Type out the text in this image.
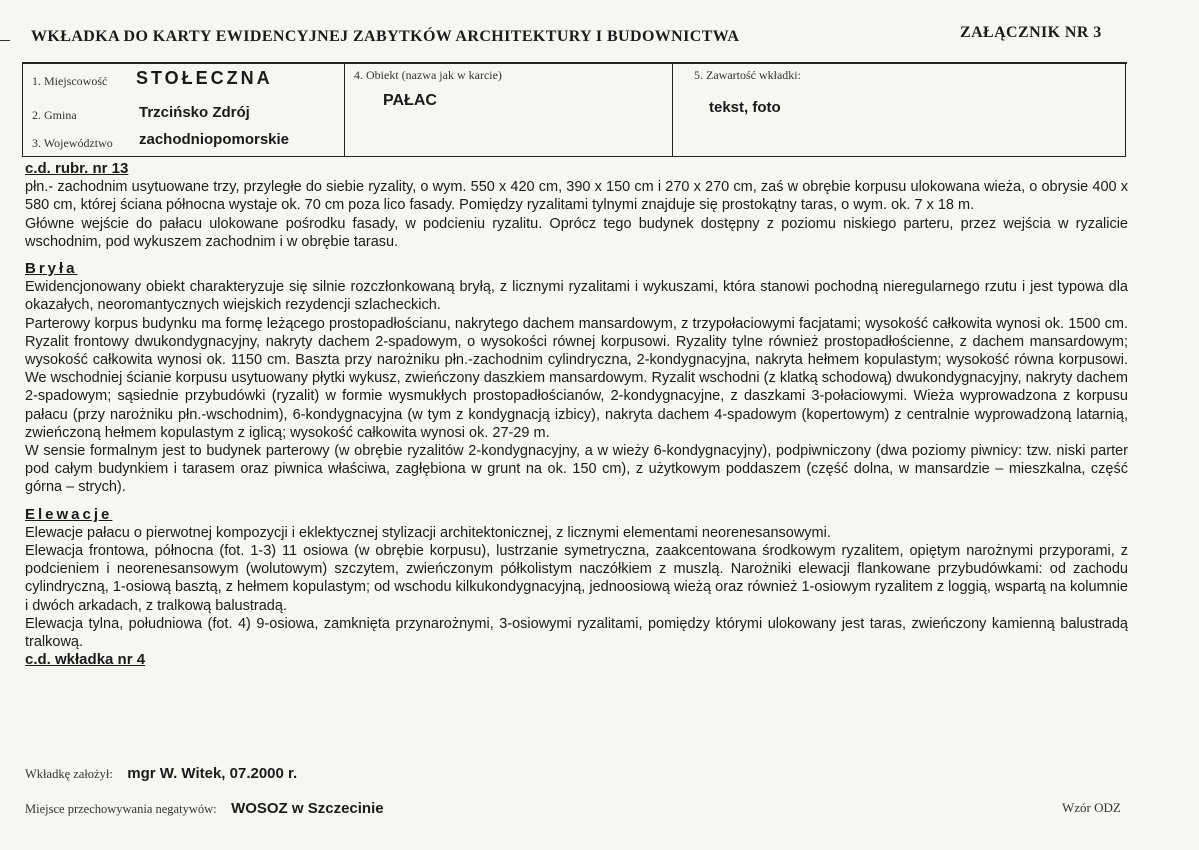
WKŁADKA DO KARTY EWIDENCYJNEJ ZABYTKÓW ARCHITEKTURY I BUDOWNICTWA	ZAŁĄCZNIK NR 3
1. Miejscowość STOŁECZNA
2. Gmina	Trzcińsko Zdrój
3. Województwo zachodniopomorskie
4. Obiekt (nazwa jak w karcie)
PAŁAC
5. Zawartość wkładki:
tekst, foto
c.d. rubr. nr 13

płn.- zachodnim usytuowane trzy, przyległe do siebie ryzality, o wym. 550 x 420 cm, 390 x 150 cm i 270 x 270 cm, zaś w obrębie korpusu ulokowana wieża, o obrysie 400 x 580 cm, której ściana północna wystaje ok. 70 cm poza lico fasady. Pomiędzy ryzalitami tylnymi znajduje się prostokątny taras, o wym. ok. 7 x 18 m.

Główne wejście do pałacu ulokowane pośrodku fasady, w podcieniu ryzalitu. Oprócz tego budynek dostępny z poziomu niskiego parteru, przez wejścia w ryzalicie wschodnim, pod wykuszem zachodnim i w obrębie tarasu.

Bryła

Ewidencjonowany obiekt charakteryzuje się silnie rozczłonkowaną bryłą, z licznymi ryzalitami i wykuszami, która stanowi pochodną nieregularnego rzutu i jest typowa dla okazałych, neoromantycznych wiejskich rezydencji szlacheckich.

Parterowy korpus budynku ma formę leżącego prostopadłościanu, nakrytego dachem mansardowym, z trzypołaciowymi facjatami; wysokość całkowita wynosi ok. 1500 cm. Ryzalit frontowy dwukondygnacyjny, nakryty dachem 2-spadowym, o wysokości równej korpusowi. Ryzality tylne również prostopadłościenne, z dachem mansardowym; wysokość całkowita wynosi ok. 1150 cm. Baszta przy narożniku płn.-zachodnim cylindryczna, 2-kondygnacyjna, nakryta hełmem kopulastym; wysokość równa korpusowi. We wschodniej ścianie korpusu usytuowany płytki wykusz, zwieńczony daszkiem mansardowym. Ryzalit wschodni (z klatką schodową) dwukondygnacyjny, nakryty dachem 2-spadowym; sąsiednie przybudówki (ryzalit) w formie wysmukłych prostopadłościanów, 2-kondygnacyjne, z daszkami 3-połaciowymi. Wieża wyprowadzona z korpusu pałacu (przy narożniku płn.-wschodnim), 6-kondygnacyjna (w tym z kondygnacją izbicy), nakryta dachem 4-spadowym (kopertowym) z centralnie wyprowadzoną latarnią, zwieńczoną hełmem kopulastym z iglicą; wysokość całkowita wynosi ok. 27-29 m.

W sensie formalnym jest to budynek parterowy (w obrębie ryzalitów 2-kondygnacyjny, a w wieży 6-kondygnacyjny), podpiwniczony (dwa poziomy piwnicy: tzw. niski parter pod całym budynkiem i tarasem oraz piwnica właściwa, zagłębiona w grunt na ok. 150 cm), z użytkowym poddaszem (część dolna, w mansardzie – mieszkalna, część górna – strych).

Elewacje

Elewacje pałacu o pierwotnej kompozycji i eklektycznej stylizacji architektonicznej, z licznymi elementami neorenesansowymi.

Elewacja frontowa, północna (fot. 1-3) 11 osiowa (w obrębie korpusu), lustrzanie symetryczna, zaakcentowana środkowym ryzalitem, opiętym narożnymi przyporami, z podcieniem i neorenesansowym (wolutowym) szczytem, zwieńczonym półkolistym naczółkiem z muszlą. Narożniki elewacji flankowane przybudówkami: od zachodu cylindryczną, 1-osiową basztą, z hełmem kopulastym; od wschodu kilkukondygnacyjną, jednoosiową wieżą oraz również 1-osiowym ryzalitem z loggią, wspartą na kolumnie i dwóch arkadach, z tralkową balustradą.

Elewacja tylna, południowa (fot. 4) 9-osiowa, zamknięta przynarożnymi, 3-osiowymi ryzalitami, pomiędzy którymi ulokowany jest taras, zwieńczony kamienną balustradą tralkową.

c.d. wkładka nr 4
Wkładkę założył: mgr W. Witek, 07.2000 r.
Miejsce przechowywania negatywów: WOSOZ w Szczecinie	Wzór ODZ
